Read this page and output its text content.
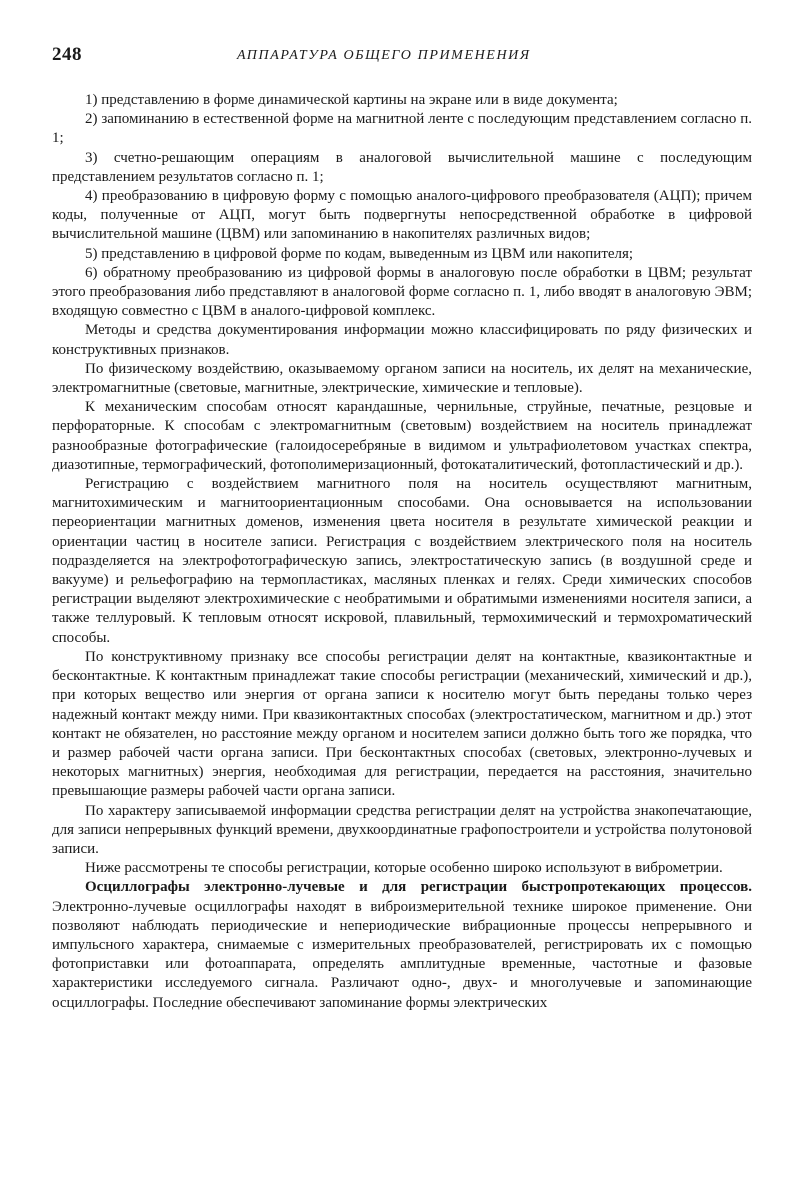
248	АППАРАТУРА ОБЩЕГО ПРИМЕНЕНИЯ

1) представлению в форме динамической картины на экране или в виде документа;

2) запоминанию в естественной форме на магнитной ленте с последующим представлением согласно п. 1;

3) счетно-решающим операциям в аналоговой вычислительной машине с последующим представлением результатов согласно п. 1;

4) преобразованию в цифровую форму с помощью аналого-цифрового преобразователя (АЦП); причем коды, полученные от АЦП, могут быть подвергнуты непосредственной обработке в цифровой вычислительной машине (ЦВМ) или запоминанию в накопителях различных видов;

5) представлению в цифровой форме по кодам, выведенным из ЦВМ или накопителя;

6) обратному преобразованию из цифровой формы в аналоговую после обработки в ЦВМ; результат этого преобразования либо представляют в аналоговой форме согласно п. 1, либо вводят в аналоговую ЭВМ; входящую совместно с ЦВМ в аналого-цифровой комплекс.

Методы и средства документирования информации можно классифицировать по ряду физических и конструктивных признаков.

По физическому воздействию, оказываемому органом записи на носитель, их делят на механические, электромагнитные (световые, магнитные, электрические, химические и тепловые).

К механическим способам относят карандашные, чернильные, струйные, печатные, резцовые и перфораторные. К способам с электромагнитным (световым) воздействием на носитель принадлежат разнообразные фотографические (галоидосеребряные в видимом и ультрафиолетовом участках спектра, диазотипные, термографический, фотополимеризационный, фотокаталитический, фотопластический и др.).

Регистрацию с воздействием магнитного поля на носитель осуществляют магнитным, магнитохимическим и магнитоориентационным способами. Она основывается на использовании переориентации магнитных доменов, изменения цвета носителя в результате химической реакции и ориентации частиц в носителе записи. Регистрация с воздействием электрического поля на носитель подразделяется на электрофотографическую запись, электростатическую запись (в воздушной среде и вакууме) и рельефографию на термопластиках, масляных пленках и гелях. Среди химических способов регистрации выделяют электрохимические с необратимыми и обратимыми изменениями носителя записи, а также теллуровый. К тепловым относят искровой, плавильный, термохимический и термохроматический способы.

По конструктивному признаку все способы регистрации делят на контактные, квазиконтактные и бесконтактные. К контактным принадлежат такие способы регистрации (механический, химический и др.), при которых вещество или энергия от органа записи к носителю могут быть переданы только через надежный контакт между ними. При квазиконтактных способах (электростатическом, магнитном и др.) этот контакт не обязателен, но расстояние между органом и носителем записи должно быть того же порядка, что и размер рабочей части органа записи. При бесконтактных способах (световых, электронно-лучевых и некоторых магнитных) энергия, необходимая для регистрации, передается на расстояния, значительно превышающие размеры рабочей части органа записи.

По характеру записываемой информации средства регистрации делят на устройства знакопечатающие, для записи непрерывных функций времени, двухкоординатные графопостроители и устройства полутоновой записи.

Ниже рассмотрены те способы регистрации, которые особенно широко используют в виброметрии.

Осциллографы электронно-лучевые и для регистрации быстропротекающих процессов. Электронно-лучевые осциллографы находят в виброизмерительной технике широкое применение. Они позволяют наблюдать периодические и непериодические вибрационные процессы непрерывного и импульсного характера, снимаемые с измерительных преобразователей, регистрировать их с помощью фотоприставки или фотоаппарата, определять амплитудные временные, частотные и фазовые характеристики исследуемого сигнала. Различают одно-, двух- и многолучевые и запоминающие осциллографы. Последние обеспечивают запоминание формы электрических
